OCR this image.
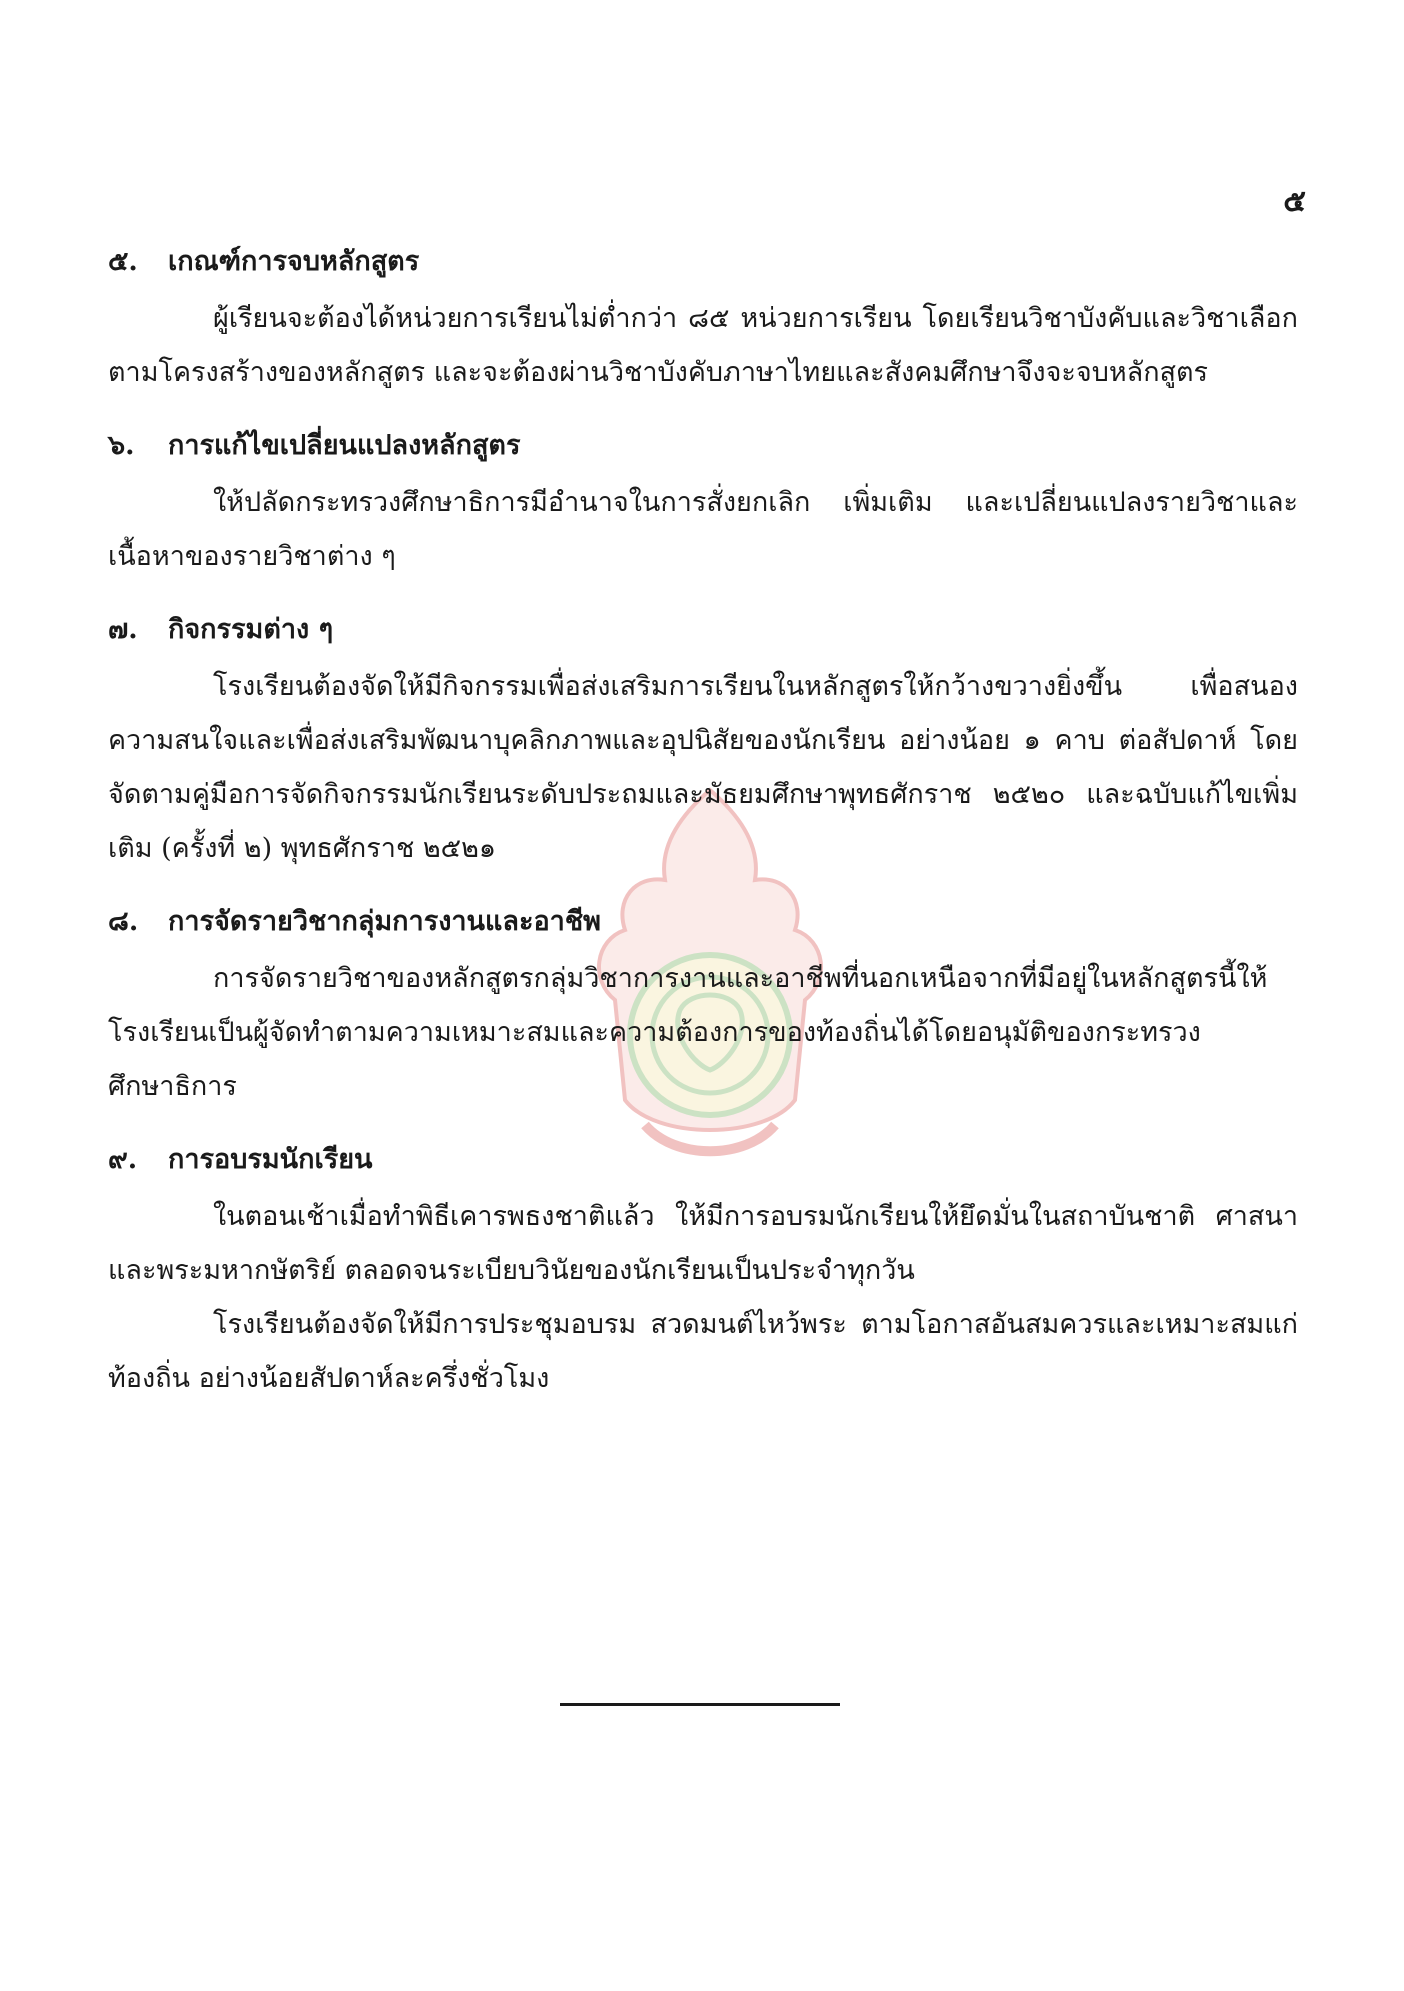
๕
๕. เกณฑ์การจบหลักสูตร

ผู้เรียนจะต้องได้หน่วยการเรียนไม่ต่ำกว่า ๘๕ หน่วยการเรียน โดยเรียนวิชาบังคับและวิชาเลือกตามโครงสร้างของหลักสูตร และจะต้องผ่านวิชาบังคับภาษาไทยและสังคมศึกษาจึงจะจบหลักสูตร

๖. การแก้ไขเปลี่ยนแปลงหลักสูตร

ให้ปลัดกระทรวงศึกษาธิการมีอำนาจในการสั่งยกเลิก เพิ่มเติม และเปลี่ยนแปลงรายวิชาและเนื้อหาของรายวิชาต่าง ๆ

๗. กิจกรรมต่าง ๆ

โรงเรียนต้องจัดให้มีกิจกรรมเพื่อส่งเสริมการเรียนในหลักสูตรให้กว้างขวางยิ่งขึ้น เพื่อสนองความสนใจและเพื่อส่งเสริมพัฒนาบุคลิกภาพและอุปนิสัยของนักเรียน อย่างน้อย ๑ คาบ ต่อสัปดาห์ โดยจัดตามคู่มือการจัดกิจกรรมนักเรียนระดับประถมและมัธยมศึกษาพุทธศักราช ๒๕๒๐ และฉบับแก้ไขเพิ่มเติม (ครั้งที่ ๒) พุทธศักราช ๒๕๒๑

๘. การจัดรายวิชากลุ่มการงานและอาชีพ

การจัดรายวิชาของหลักสูตรกลุ่มวิชาการงานและอาชีพที่นอกเหนือจากที่มีอยู่ในหลักสูตรนี้ให้โรงเรียนเป็นผู้จัดทำตามความเหมาะสมและความต้องการของท้องถิ่นได้โดยอนุมัติของกระทรวงศึกษาธิการ

๙. การอบรมนักเรียน

ในตอนเช้าเมื่อทำพิธีเคารพธงชาติแล้ว ให้มีการอบรมนักเรียนให้ยึดมั่นในสถาบันชาติ ศาสนา และพระมหากษัตริย์ ตลอดจนระเบียบวินัยของนักเรียนเป็นประจำทุกวัน

โรงเรียนต้องจัดให้มีการประชุมอบรม สวดมนต์ไหว้พระ ตามโอกาสอันสมควรและเหมาะสมแก่ท้องถิ่น อย่างน้อยสัปดาห์ละครึ่งชั่วโมง
